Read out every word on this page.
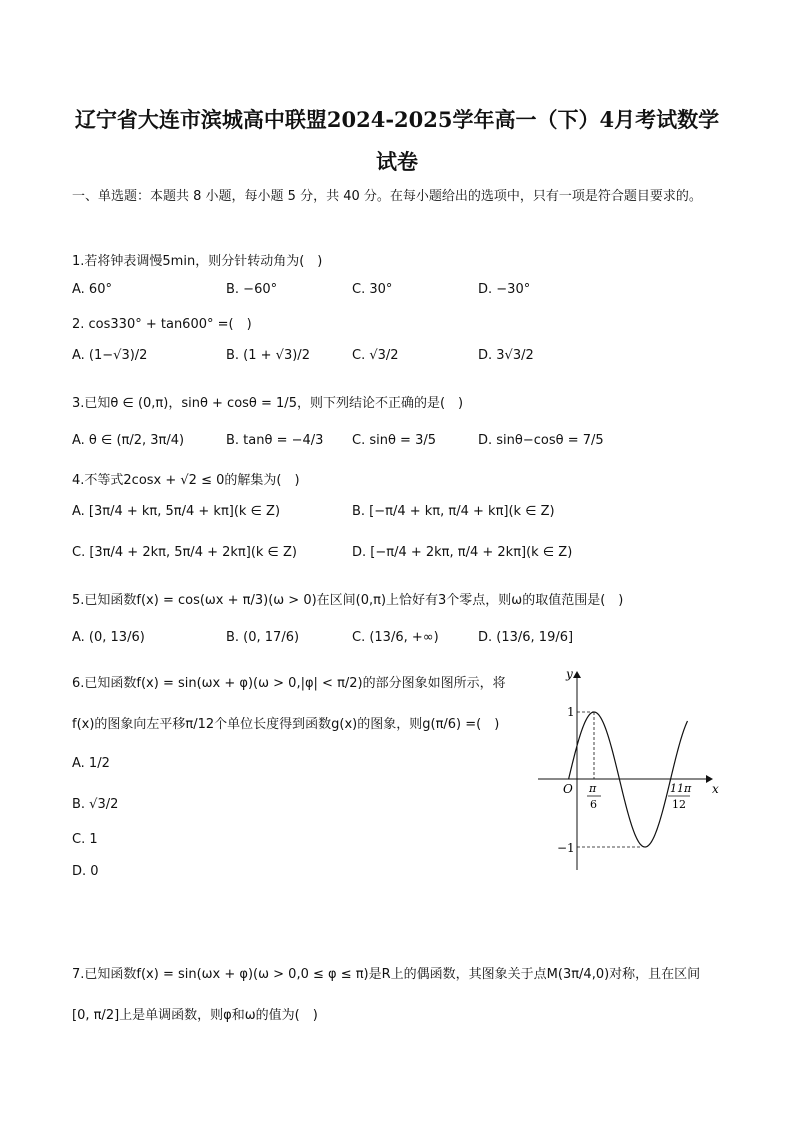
辽宁省大连市滨城高中联盟2024-2025学年高一（下）4月考试数学
试卷
一、单选题：本题共 8 小题，每小题 5 分，共 40 分。在每小题给出的选项中，只有一项是符合题目要求的。
1.若将钟表调慢5min，则分针转动角为(　)
A. 60°	B. −60°	C. 30°	D. −30°
2. cos330° + tan600° =(　)
A. (1−√3)/2	B. (1 + √3)/2	C. √3/2	D. 3√3/2
3.已知θ ∈ (0,π)，sinθ + cosθ = 1/5，则下列结论不正确的是(　)
A. θ ∈ (π/2, 3π/4)	B. tanθ = −4/3 C. sinθ = 3/5	D. sinθ−cosθ = 7/5
4.不等式2cosx + √2 ≤ 0的解集为(　)
A. [3π/4 + kπ, 5π/4 + kπ](k ∈ Z)	B. [−π/4 + kπ, π/4 + kπ](k ∈ Z)
C. [3π/4 + 2kπ, 5π/4 + 2kπ](k ∈ Z)	D. [−π/4 + 2kπ, π/4 + 2kπ](k ∈ Z)
5.已知函数f(x) = cos(ωx + π/3)(ω > 0)在区间(0,π)上恰好有3个零点，则ω的取值范围是(　)
A. (0, 13/6)	B. (0, 17/6)	C. (13/6, +∞)	D. (13/6, 19/6]
6.已知函数f(x) = sin(ωx + φ)(ω > 0,|φ| < π/2)的部分图象如图所示，将
f(x)的图象向左平移π/12个单位长度得到函数g(x)的图象，则g(π/6) =(　)
A. 1/2
B. √3/2
C. 1
D. 0
y
x
O
1
−1
π
6
11π
12
7.已知函数f(x) = sin(ωx + φ)(ω > 0,0 ≤ φ ≤ π)是R上的偶函数，其图象关于点M(3π/4,0)对称，且在区间
[0, π/2]上是单调函数，则φ和ω的值为(　)
